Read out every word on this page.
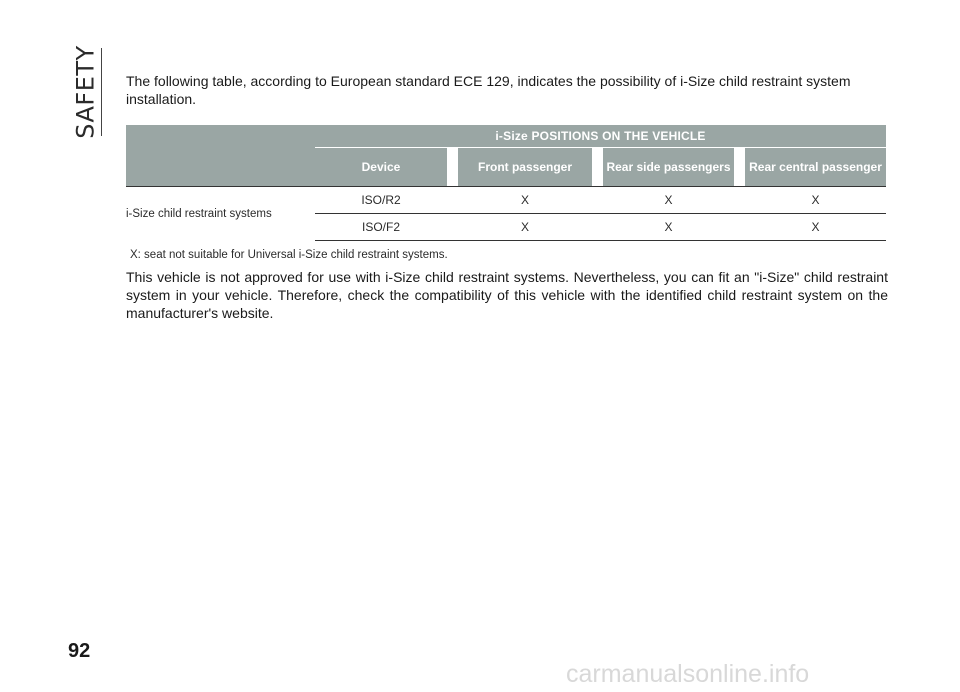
SAFETY The following table, according to European standard ECE 129, indicates the possibility of i-Size child restraint system installation.

		i-Size POSITIONS ON THE VEHICLE						
		Device		Front passenger		Rear side passengers		Rear central passenger
i-Size child restraint systems		ISO/R2		X		X		X
		ISO/F2		X		X		X

X: seat not suitable for Universal i-Size child restraint systems.

This vehicle is not approved for use with i-Size child restraint systems. Nevertheless, you can fit an "i-Size" child restraint system in your vehicle. Therefore, check the compatibility of this vehicle with the identified child restraint system on the manufacturer's website.

92

carmanualsonline.info
